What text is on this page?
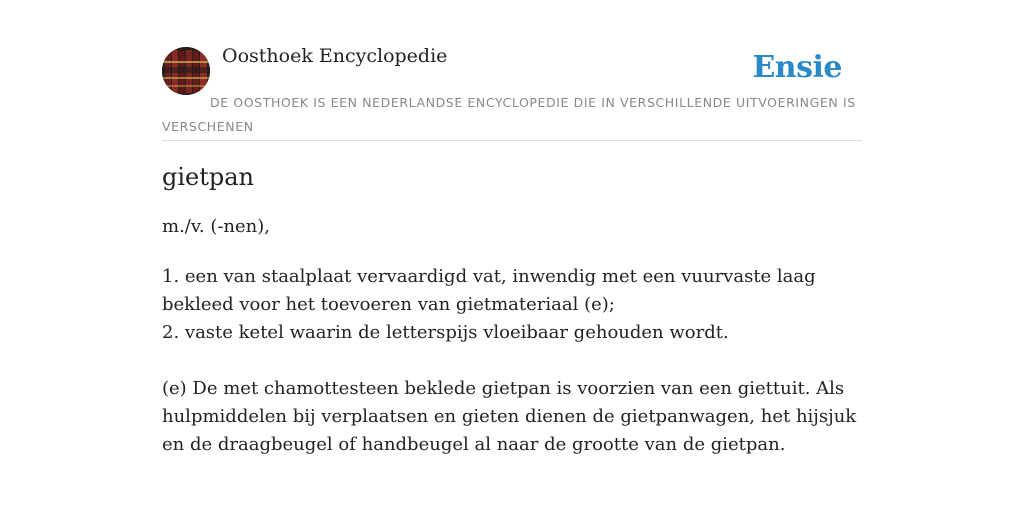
Oosthoek Encyclopedie	Ensie
DE OOSTHOEK IS EEN NEDERLANDSE ENCYCLOPEDIE DIE IN VERSCHILLENDE UITVOERINGEN IS VERSCHENEN
gietpan
m./v. (-nen),

1. een van staalplaat vervaardigd vat, inwendig met een vuurvaste laag bekleed voor het toevoeren van gietmateriaal (e);

2. vaste ketel waarin de letterspijs vloeibaar gehouden wordt.

(e) De met chamottesteen beklede gietpan is voorzien van een giettuit. Als hulpmiddelen bij verplaatsen en gieten dienen de gietpanwagen, het hijsjuk en de draagbeugel of handbeugel al naar de grootte van de gietpan.
